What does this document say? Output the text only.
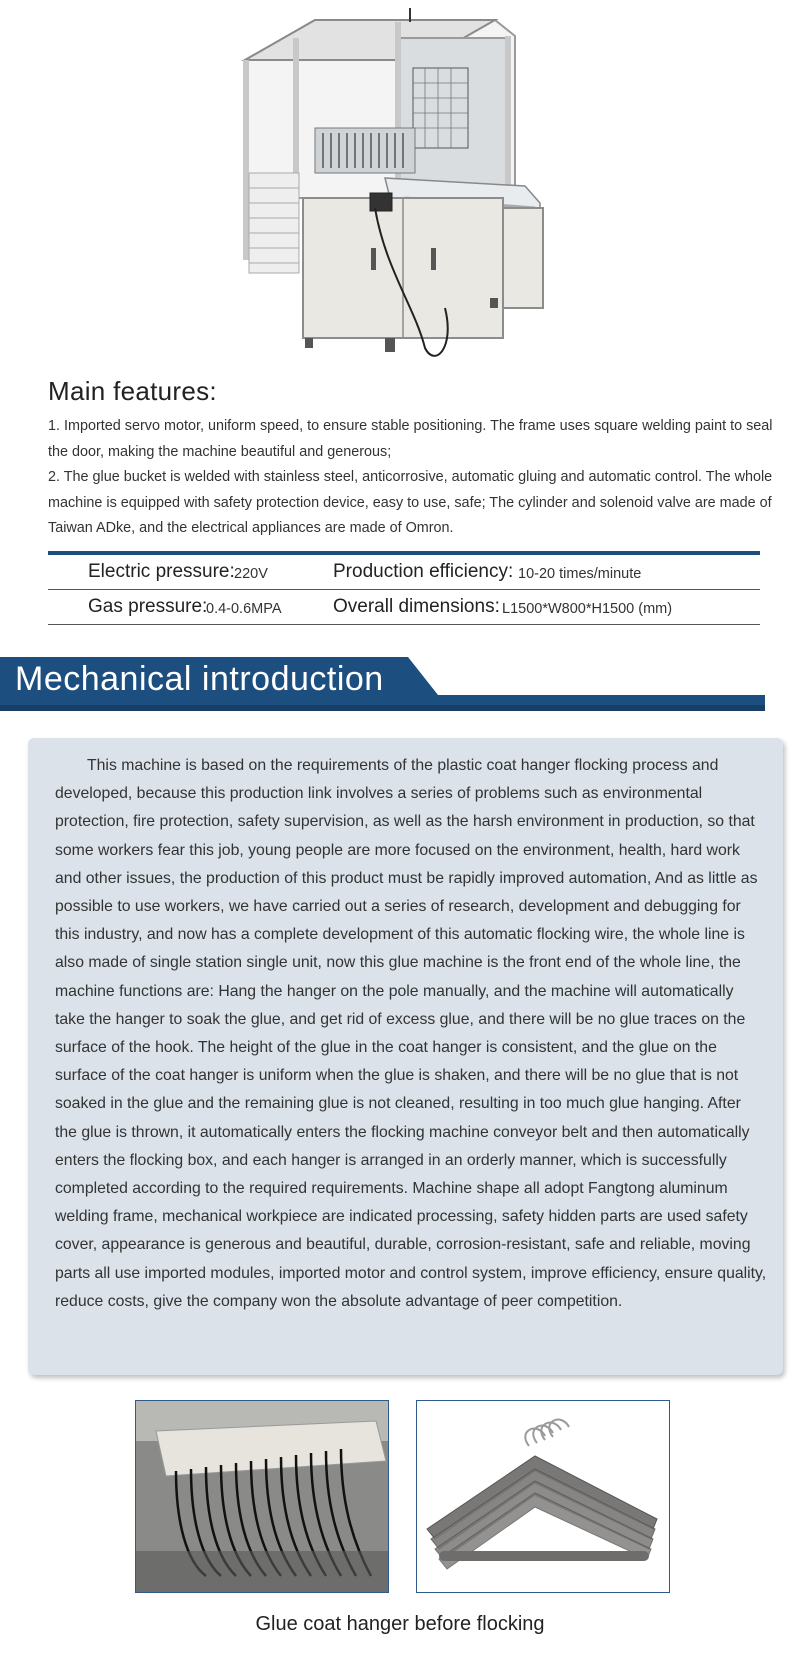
Main features:

1. Imported servo motor, uniform speed, to ensure stable positioning. The frame uses square welding paint to seal the door, making the machine beautiful and generous;

2. The glue bucket is welded with stainless steel, anticorrosive, automatic gluing and automatic control. The whole machine is equipped with safety protection device, easy to use, safe; The cylinder and solenoid valve are made of Taiwan ADke, and the electrical appliances are made of Omron.

Electric pressure: 220V	Production efficiency: 10-20 times/minute
Gas pressure:
0.4-0.6MPA	Overall dimensions: L1500*W800*H1500 (mm)
Mechanical introduction

This machine is based on the requirements of the plastic coat hanger flocking process and developed, because this production link involves a series of problems such as environmental protection, fire protection, safety supervision, as well as the harsh environment in production, so that some workers fear this job, young people are more focused on the environment, health, hard work and other issues, the production of this product must be rapidly improved automation, And as little as possible to use workers, we have carried out a series of research, development and debugging for this industry, and now has a complete development of this automatic flocking wire, the whole line is also made of single station single unit, now this glue machine is the front end of the whole line, the machine functions are: Hang the hanger on the pole manually, and the machine will automatically take the hanger to soak the glue, and get rid of excess glue, and there will be no glue traces on the surface of the hook. The height of the glue in the coat hanger is consistent, and the glue on the surface of the coat hanger is uniform when the glue is shaken, and there will be no glue that is not soaked in the glue and the remaining glue is not cleaned, resulting in too much glue hanging. After the glue is thrown, it automatically enters the flocking machine conveyor belt and then automatically enters the flocking box, and each hanger is arranged in an orderly manner, which is successfully completed according to the required requirements. Machine shape all adopt Fangtong aluminum welding frame, mechanical workpiece are indicated processing, safety hidden parts are used safety cover, appearance is generous and beautiful, durable, corrosion-resistant, safe and reliable, moving parts all use imported modules, imported motor and control system, improve efficiency, ensure quality, reduce costs, give the company won the absolute advantage of peer competition.

Glue coat hanger before flocking
